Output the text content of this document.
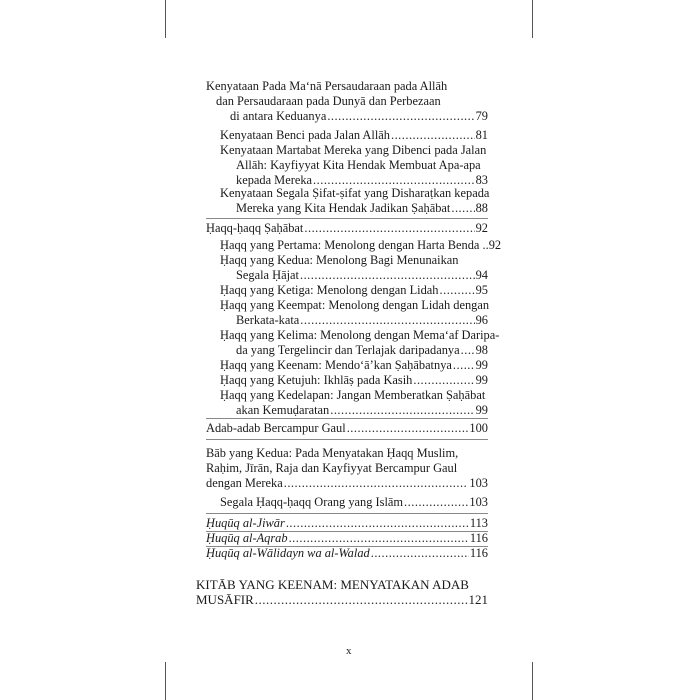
Kenyataan Pada Ma‘nā Persaudaraan pada Allāh
dan Persaudaraan pada Dunyā dan Perbezaan
di antara Keduanya .....	79
Kenyataan Benci pada Jalan Allāh .....	81
Kenyataan Martabat Mereka yang Dibenci pada Jalan
Allāh: Kayfiyyat Kita Hendak Membuat Apa-apa
kepada Mereka .....	83
Kenyataan Segala Ṣifat-ṣifat yang Disharaṭkan kepada
Mereka yang Kita Hendak Jadikan Ṣaḥābat ..... 88
Ḥaqq-ḥaqq Ṣaḥābat .....	92
Ḥaqq yang Pertama: Menolong dengan Harta Benda .. 92
Ḥaqq yang Kedua: Menolong Bagi Menunaikan
Segala Ḥājat .....	94
Ḥaqq yang Ketiga: Menolong dengan Lidah .....	95
Ḥaqq yang Keempat: Menolong dengan Lidah dengan
Berkata-kata .....	96
Ḥaqq yang Kelima: Menolong dengan Mema‘af Daripa-
da yang Tergelincir dan Terlajak daripadanya ..... 98
Ḥaqq yang Keenam: Mendo‘ā’kan Ṣaḥābatnya ..... 99
Ḥaqq yang Ketujuh: Ikhlāṣ pada Kasih .....	99
Ḥaqq yang Kedelapan: Jangan Memberatkan Ṣaḥābat
akan Kemuḍaratan .....	99
Adab-adab Bercampur Gaul .....	100
Bāb yang Kedua: Pada Menyatakan Ḥaqq Muslim,
Raḥim, Jīrān, Raja dan Kayfiyyat Bercampur Gaul
dengan Mereka .....	103
Segala Ḥaqq-ḥaqq Orang yang Islām .....	103
Ḥuqūq al-Jiwār .....	113
Ḥuqūq al-Aqrab .....	116
Ḥuqūq al-Wālidayn wa al-Walad .....	116
KITĀB YANG KEENAM: MENYATAKAN ADAB
MUSĀFIR .....	121
x
